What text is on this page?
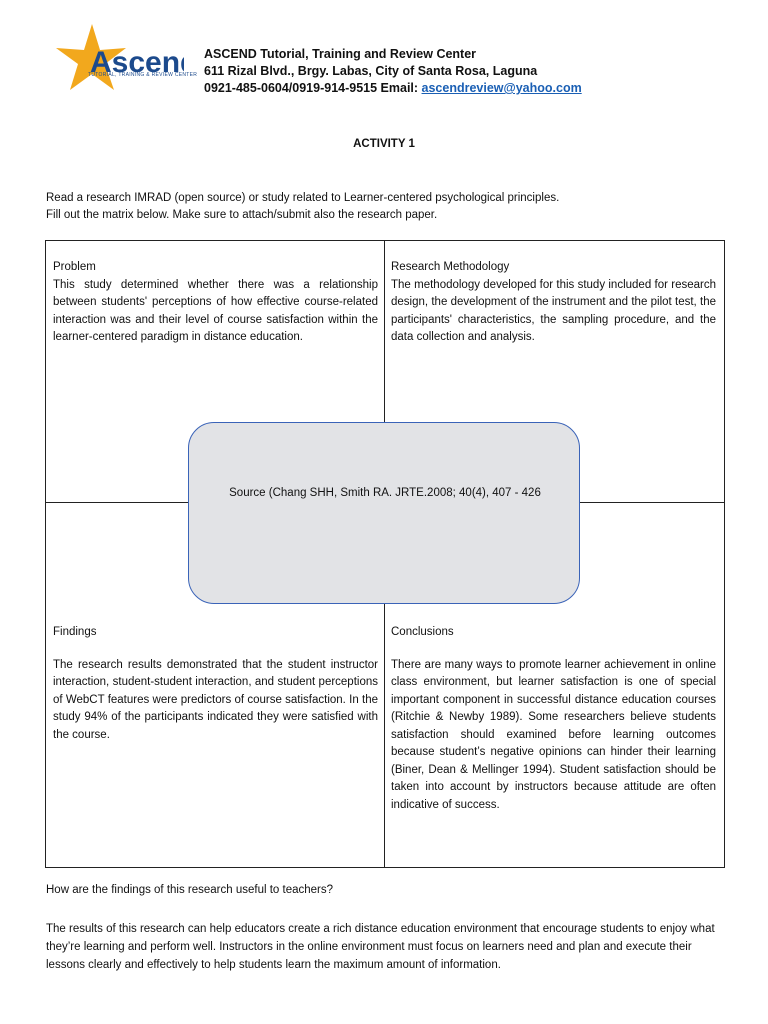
Ascen
TUTORIAL, TRAINING & REVIEW CENTER
ASCEND Tutorial, Training and Review Center
611 Rizal Blvd., Brgy. Labas, City of Santa Rosa, Laguna
0921-485-0604/0919-914-9515 Email: ascendreview@yahoo.com
ACTIVITY 1
Read a research IMRAD (open source) or study related to Learner-centered psychological principles.
Fill out the matrix below. Make sure to attach/submit also the research paper.
Problem
This study determined whether there was a relationship between students' perceptions of how effective course-related interaction was and their level of course satisfaction within the learner-centered paradigm in distance education.
Research Methodology
The methodology developed for this study included for research design, the development of the instrument and the pilot test, the participants' characteristics, the sampling procedure, and the data collection and analysis.
Source (Chang SHH, Smith RA. JRTE.2008; 40(4), 407 - 426
Findings
The research results demonstrated that the student instructor interaction, student-student interaction, and student perceptions of WebCT features were predictors of course satisfaction. In the study 94% of the participants indicated they were satisfied with the course.
Conclusions
There are many ways to promote learner achievement in online class environment, but learner satisfaction is one of special important component in successful distance education courses (Ritchie & Newby 1989). Some researchers believe students satisfaction should examined before learning outcomes because student’s negative opinions can hinder their learning (Biner, Dean & Mellinger 1994). Student satisfaction should be taken into account by instructors because attitude are often indicative of success.
How are the findings of this research useful to teachers?
The results of this research can help educators create a rich distance education environment that encourage students to enjoy what they’re learning and perform well. Instructors in the online environment must focus on learners need and plan and execute their lessons clearly and effectively to help students learn the maximum amount of information.
